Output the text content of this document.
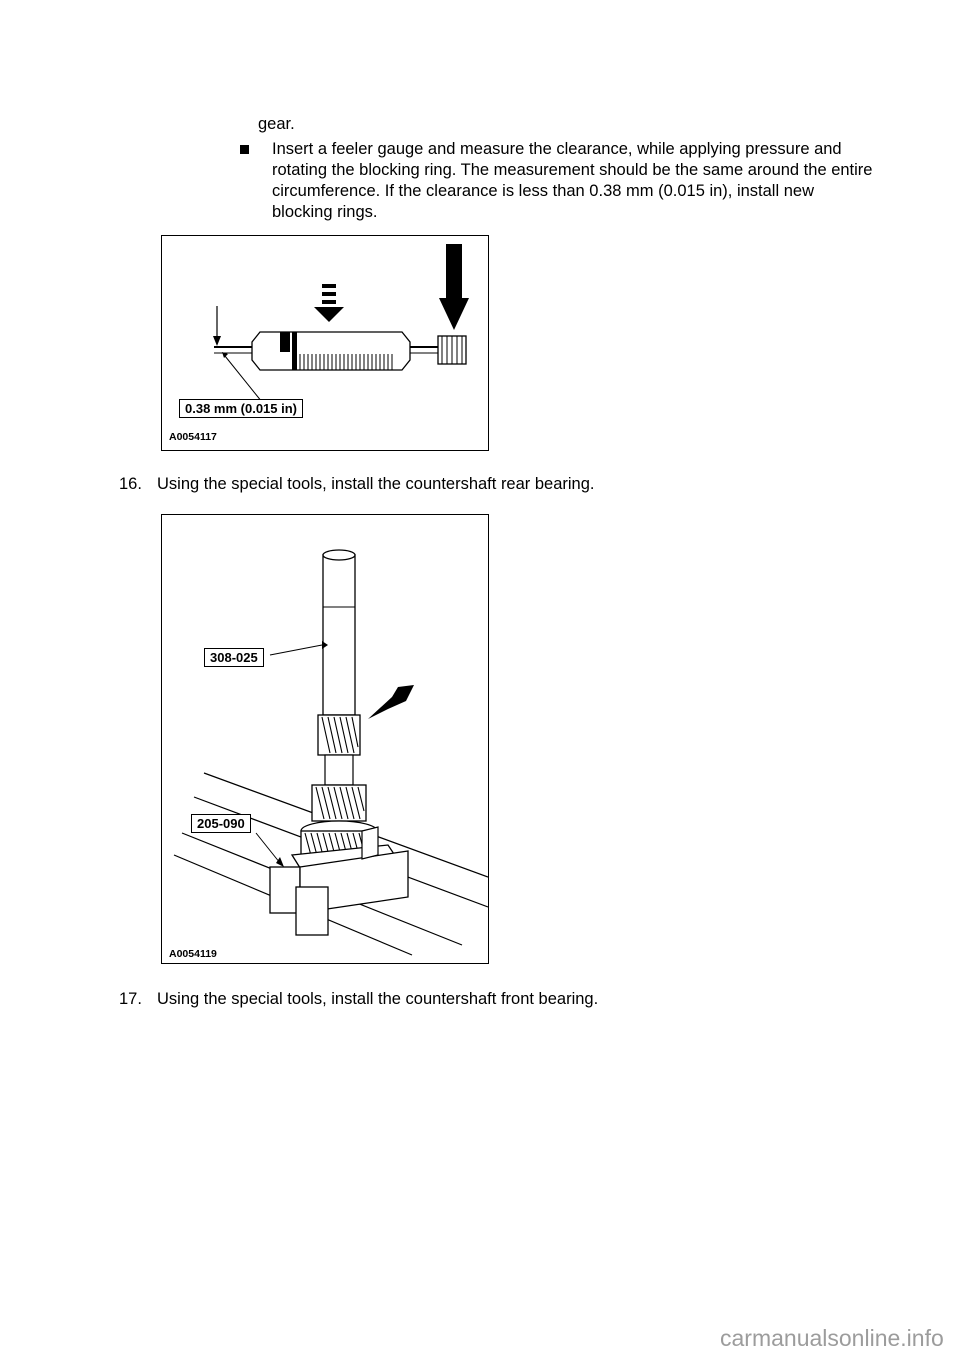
gear.
Insert a feeler gauge and measure the clearance, while applying pressure and
rotating the blocking ring. The measurement should be the same around the entire
circumference. If the clearance is less than 0.38 mm (0.015 in), install new
blocking rings.
0.38 mm (0.015 in)
A0054117
16. Using the special tools, install the countershaft rear bearing.
308-025
205-090
A0054119
17. Using the special tools, install the countershaft front bearing.
carmanualsonline.info
